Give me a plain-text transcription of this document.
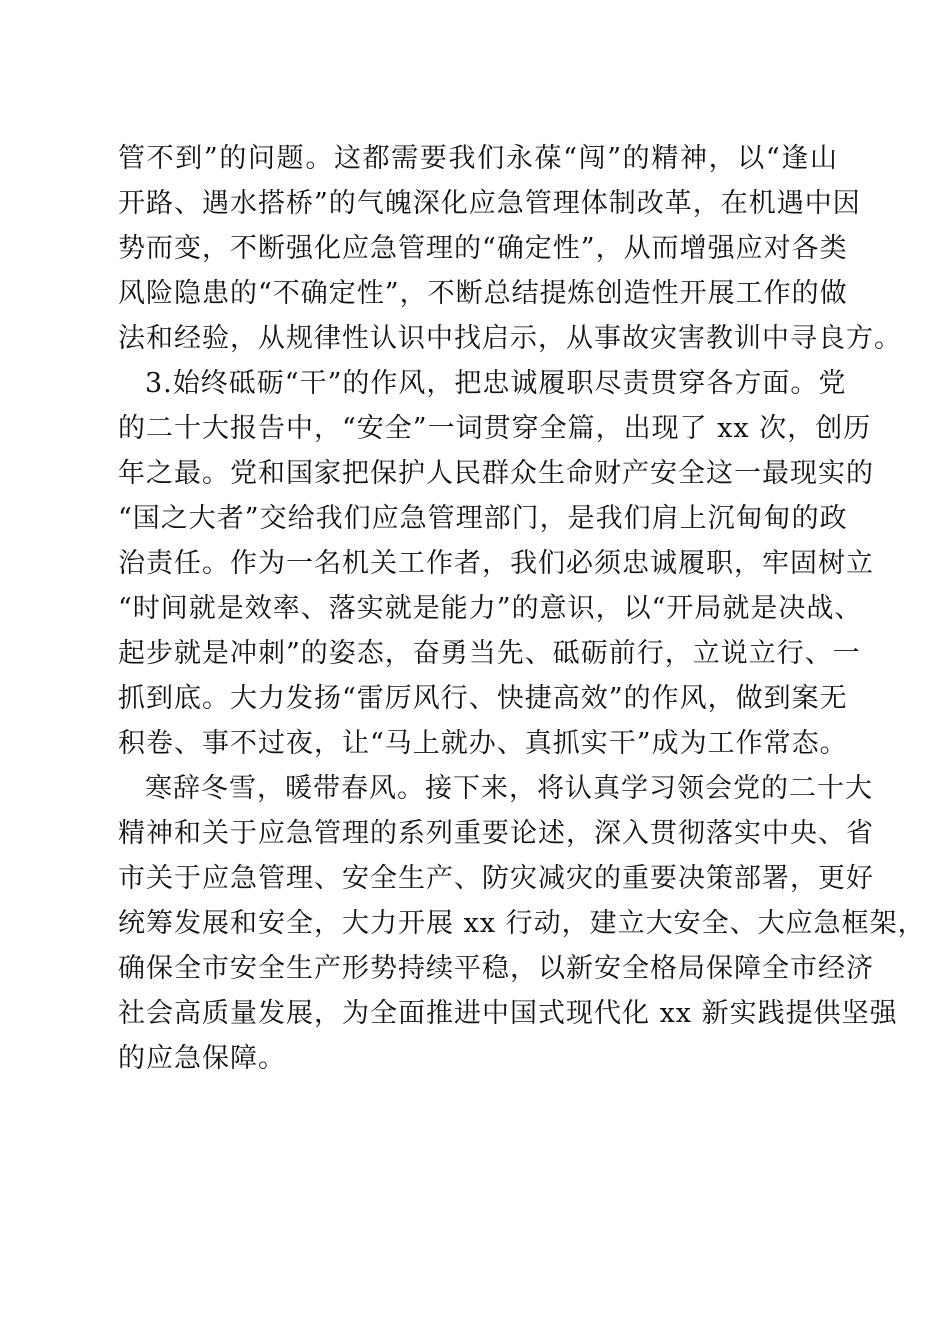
管不到”的问题。这都需要我们永葆“闯”的精神，以“逢山
开路、遇水搭桥”的气魄深化应急管理体制改革，在机遇中因
势而变，不断强化应急管理的“确定性”，从而增强应对各类
风险隐患的“不确定性”，不断总结提炼创造性开展工作的做
法和经验，从规律性认识中找启示，从事故灾害教训中寻良方。
3.始终砥砺“干”的作风，把忠诚履职尽责贯穿各方面。党
的二十大报告中，“安全”一词贯穿全篇，出现了 xx 次，创历
年之最。党和国家把保护人民群众生命财产安全这一最现实的
“国之大者”交给我们应急管理部门，是我们肩上沉甸甸的政
治责任。作为一名机关工作者，我们必须忠诚履职，牢固树立
“时间就是效率、落实就是能力”的意识，以“开局就是决战、
起步就是冲刺”的姿态，奋勇当先、砥砺前行，立说立行、一
抓到底。大力发扬“雷厉风行、快捷高效”的作风，做到案无
积卷、事不过夜，让“马上就办、真抓实干”成为工作常态。
寒辞冬雪，暖带春风。接下来，将认真学习领会党的二十大
精神和关于应急管理的系列重要论述，深入贯彻落实中央、省
市关于应急管理、安全生产、防灾减灾的重要决策部署，更好
统筹发展和安全，大力开展 xx 行动，建立大安全、大应急框架，
确保全市安全生产形势持续平稳，以新安全格局保障全市经济
社会高质量发展，为全面推进中国式现代化 xx 新实践提供坚强
的应急保障。
